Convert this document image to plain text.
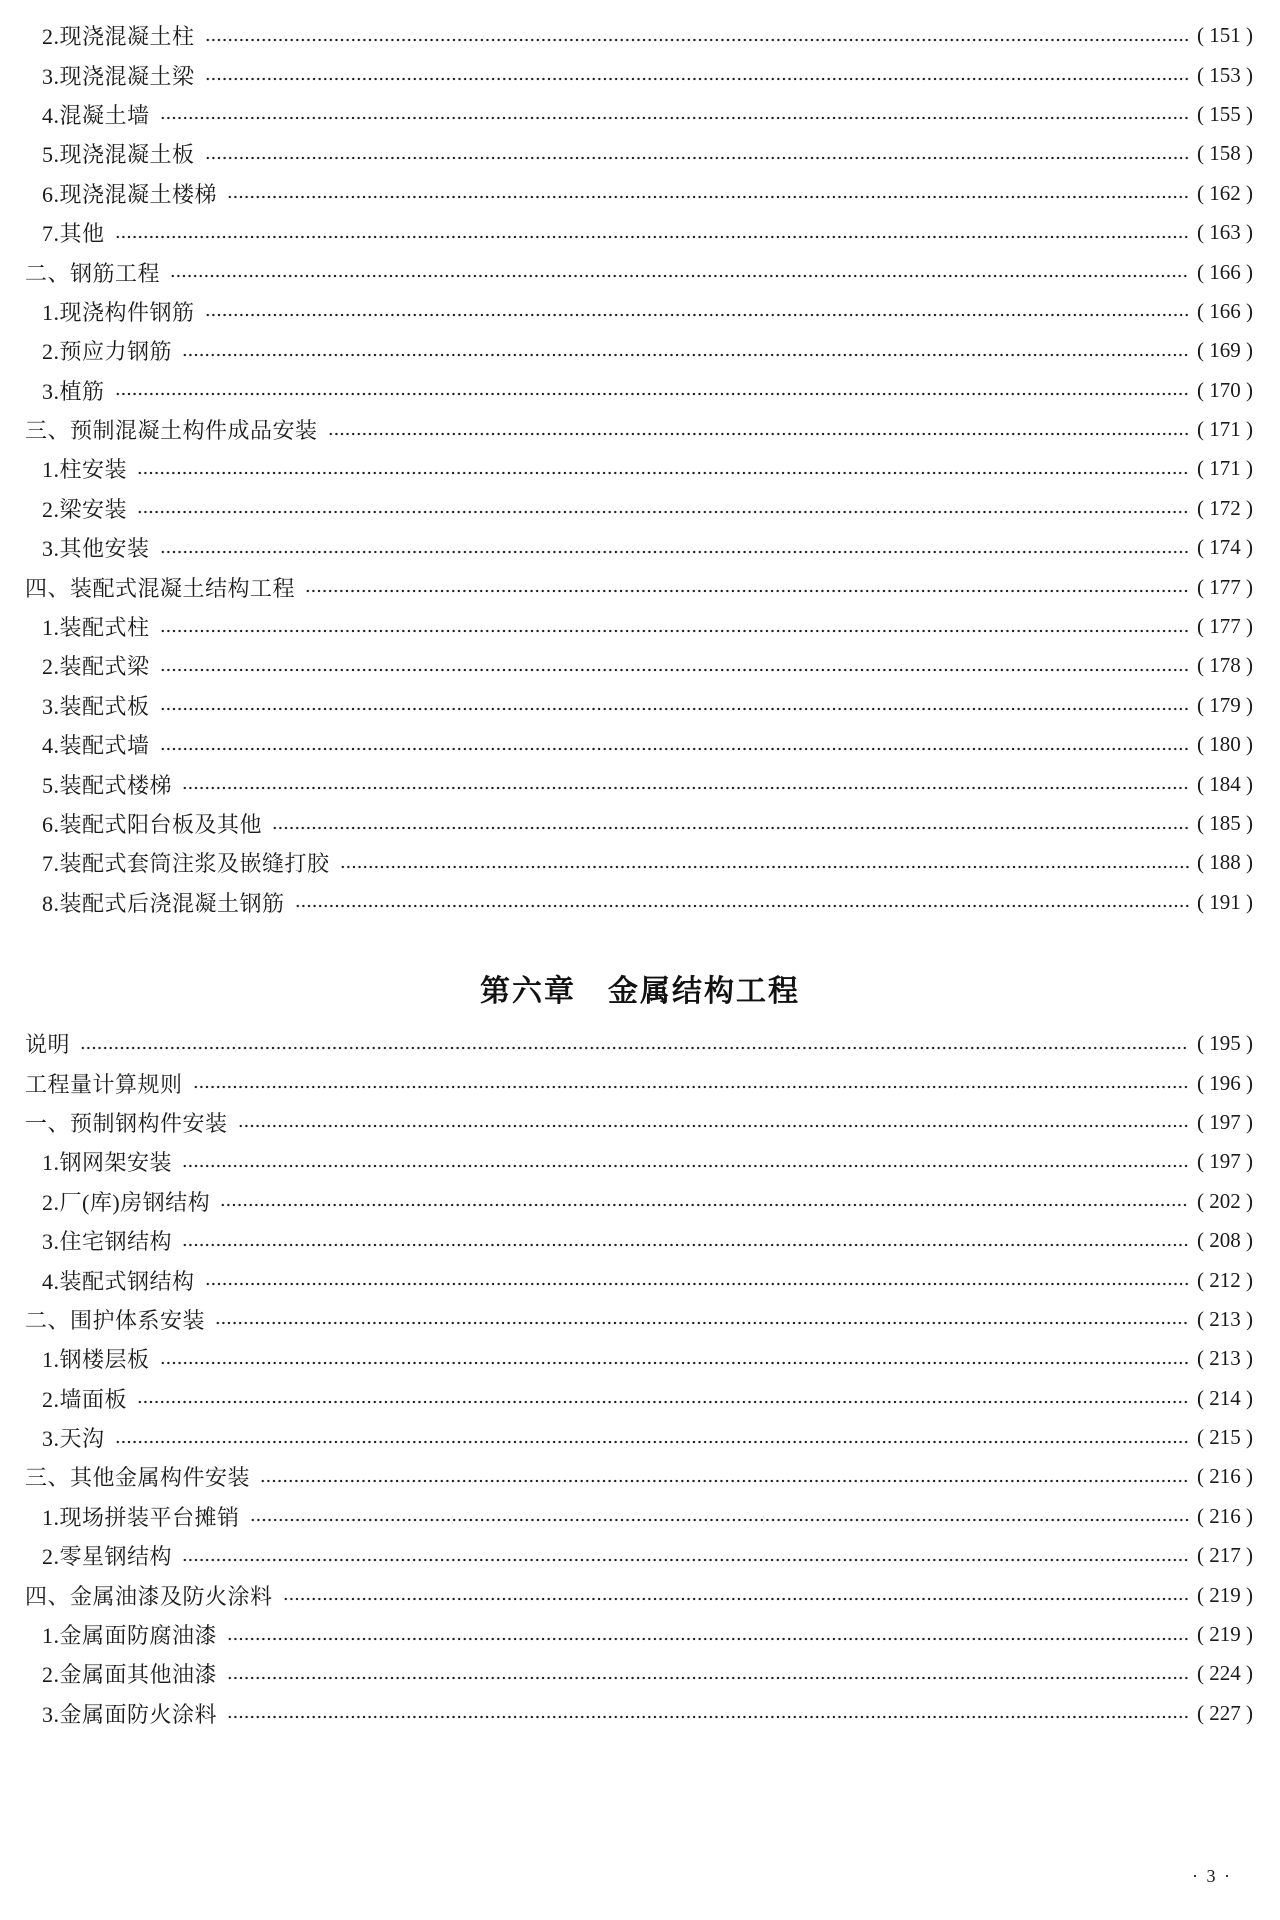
2.现浇混凝土柱	( 151 )
3.现浇混凝土梁	( 153 )
4.混凝土墙	( 155 )
5.现浇混凝土板	( 158 )
6.现浇混凝土楼梯	( 162 )
7.其他	( 163 )
二、钢筋工程	( 166 )
1.现浇构件钢筋	( 166 )
2.预应力钢筋	( 169 )
3.植筋	( 170 )
三、预制混凝土构件成品安装	( 171 )
1.柱安装	( 171 )
2.梁安装	( 172 )
3.其他安装	( 174 )
四、装配式混凝土结构工程	( 177 )
1.装配式柱	( 177 )
2.装配式梁	( 178 )
3.装配式板	( 179 )
4.装配式墙	( 180 )
5.装配式楼梯	( 184 )
6.装配式阳台板及其他	( 185 )
7.装配式套筒注浆及嵌缝打胶	( 188 )
8.装配式后浇混凝土钢筋	( 191 )
第六章　金属结构工程
说明	( 195 )
工程量计算规则	( 196 )
一、预制钢构件安装	( 197 )
1.钢网架安装	( 197 )
2.厂(库)房钢结构	( 202 )
3.住宅钢结构	( 208 )
4.装配式钢结构	( 212 )
二、围护体系安装	( 213 )
1.钢楼层板	( 213 )
2.墙面板	( 214 )
3.天沟	( 215 )
三、其他金属构件安装	( 216 )
1.现场拼装平台摊销	( 216 )
2.零星钢结构	( 217 )
四、金属油漆及防火涂料	( 219 )
1.金属面防腐油漆	( 219 )
2.金属面其他油漆	( 224 )
3.金属面防火涂料	( 227 )
· 3 ·
